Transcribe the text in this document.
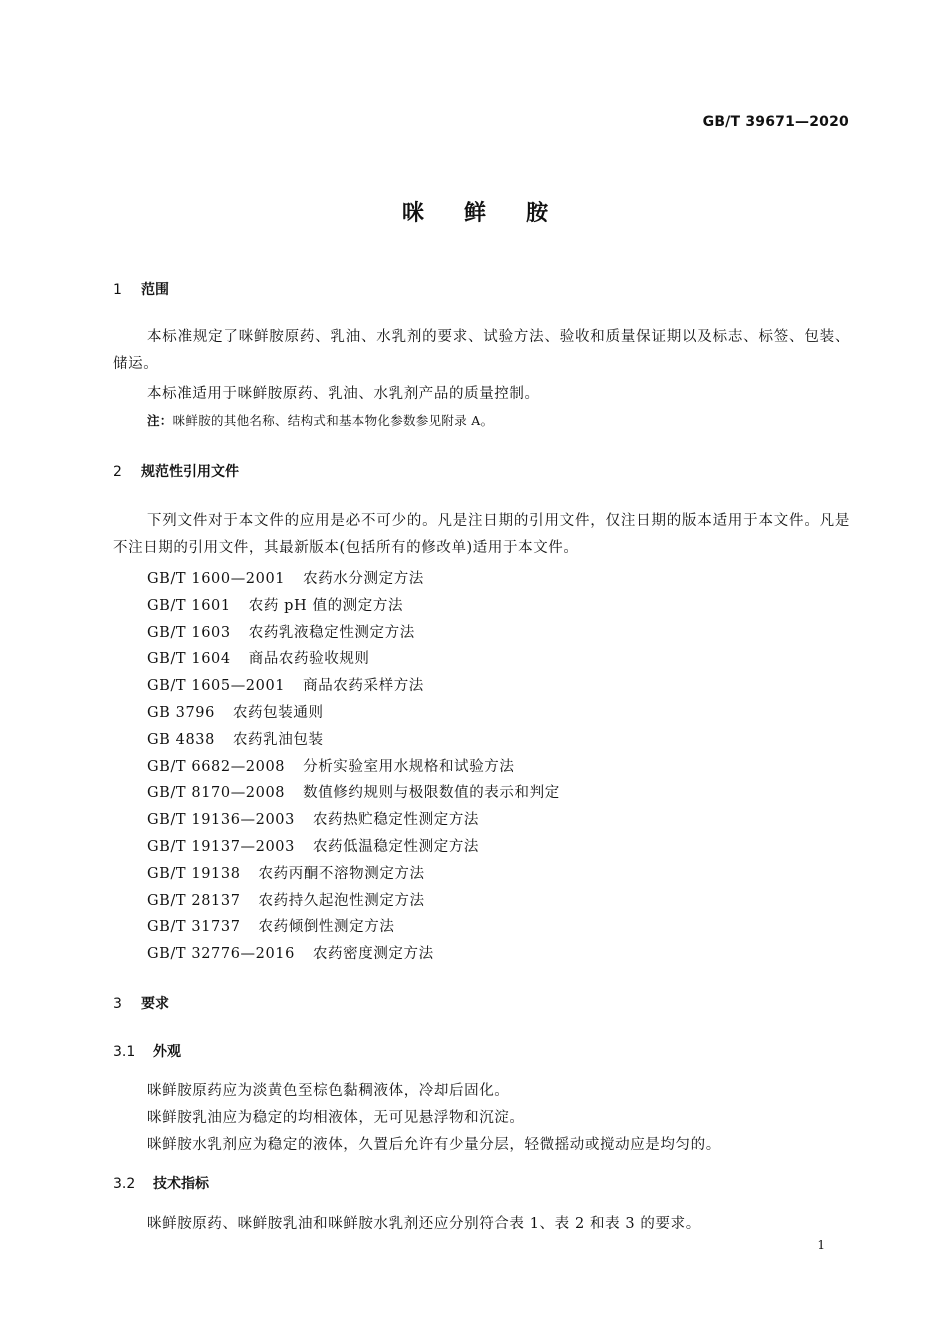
GB/T 39671—2020
咪鲜胺
1 范围
本标准规定了咪鲜胺原药、乳油、水乳剂的要求、试验方法、验收和质量保证期以及标志、标签、包装、储运。
本标准适用于咪鲜胺原药、乳油、水乳剂产品的质量控制。
注：咪鲜胺的其他名称、结构式和基本物化参数参见附录 A。
2 规范性引用文件
下列文件对于本文件的应用是必不可少的。凡是注日期的引用文件，仅注日期的版本适用于本文件。凡是不注日期的引用文件，其最新版本(包括所有的修改单)适用于本文件。
GB/T 1600—2001 农药水分测定方法
GB/T 1601 农药 pH 值的测定方法
GB/T 1603 农药乳液稳定性测定方法
GB/T 1604 商品农药验收规则
GB/T 1605—2001 商品农药采样方法
GB 3796 农药包装通则
GB 4838 农药乳油包装
GB/T 6682—2008 分析实验室用水规格和试验方法
GB/T 8170—2008 数值修约规则与极限数值的表示和判定
GB/T 19136—2003 农药热贮稳定性测定方法
GB/T 19137—2003 农药低温稳定性测定方法
GB/T 19138 农药丙酮不溶物测定方法
GB/T 28137 农药持久起泡性测定方法
GB/T 31737 农药倾倒性测定方法
GB/T 32776—2016 农药密度测定方法
3 要求
3.1 外观
咪鲜胺原药应为淡黄色至棕色黏稠液体，冷却后固化。
咪鲜胺乳油应为稳定的均相液体，无可见悬浮物和沉淀。
咪鲜胺水乳剂应为稳定的液体，久置后允许有少量分层，轻微摇动或搅动应是均匀的。
3.2 技术指标
咪鲜胺原药、咪鲜胺乳油和咪鲜胺水乳剂还应分别符合表 1、表 2 和表 3 的要求。
1
